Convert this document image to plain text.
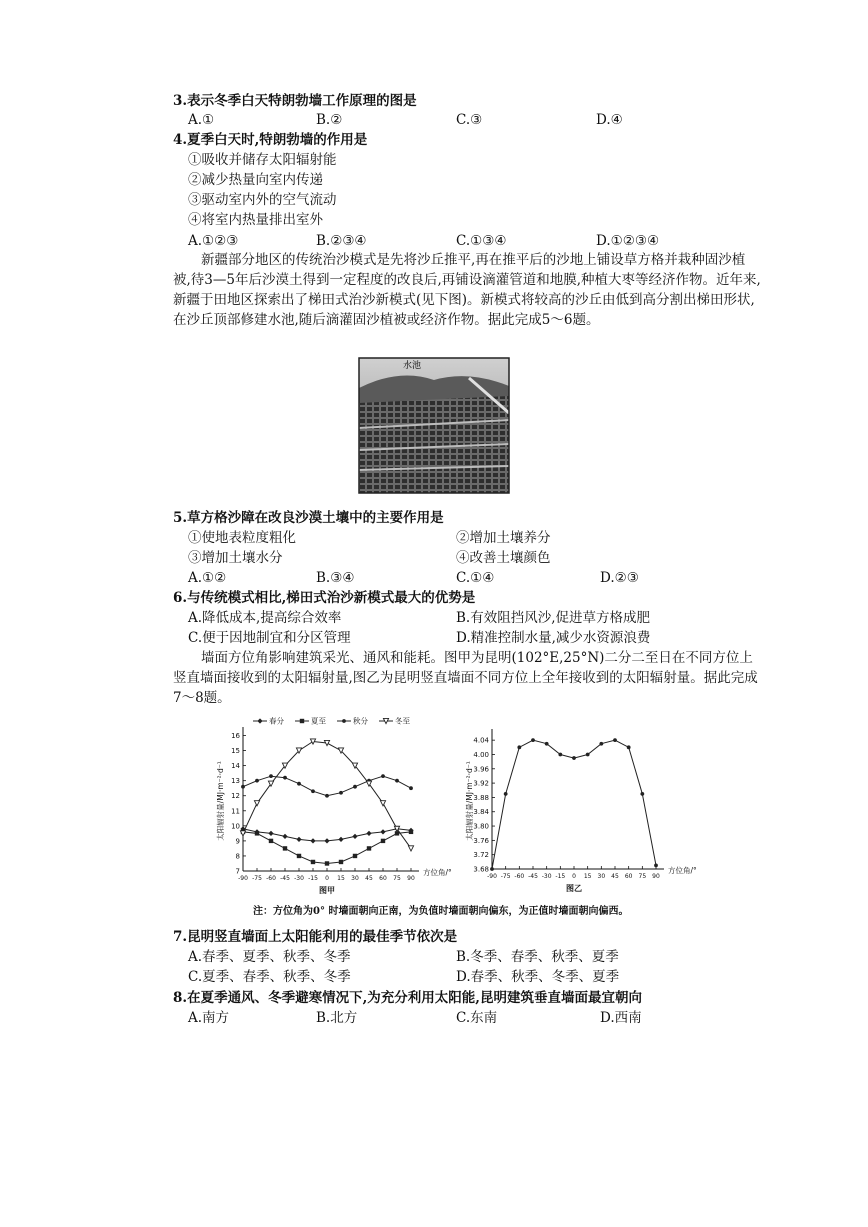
3.表示冬季白天特朗勃墙工作原理的图是
A.①	B.②	C.③	D.④
4.夏季白天时,特朗勃墙的作用是
①吸收并储存太阳辐射能
②减少热量向室内传递
③驱动室内外的空气流动
④将室内热量排出室外
A.①②③	B.②③④	C.①③④	D.①②③④
新疆部分地区的传统治沙模式是先将沙丘推平,再在推平后的沙地上铺设草方格并栽种固沙植被,待3—5年后沙漠土得到一定程度的改良后,再铺设滴灌管道和地膜,种植大枣等经济作物。近年来,新疆于田地区探索出了梯田式治沙新模式(见下图)。新模式将较高的沙丘由低到高分割出梯田形状,在沙丘顶部修建水池,随后滴灌固沙植被或经济作物。据此完成5～6题。
水池
5.草方格沙障在改良沙漠土壤中的主要作用是
①使地表粒度粗化	②增加土壤养分
③增加土壤水分	④改善土壤颜色
A.①②	B.③④	C.①④	D.②③
6.与传统模式相比,梯田式治沙新模式最大的优势是
A.降低成本,提高综合效率	B.有效阻挡风沙,促进草方格成肥
C.便于因地制宜和分区管理	D.精准控制水量,减少水资源浪费
墙面方位角影响建筑采光、通风和能耗。图甲为昆明(102°E,25°N)二分二至日在不同方位上竖直墙面接收到的太阳辐射量,图乙为昆明竖直墙面不同方位上全年接收到的太阳辐射量。据此完成7～8题。
7
8
9
10
11
12
13
14
15
16
-90 -75 -60 -45 -30 -15 0 15 30 45 60 75 90
方位角/°
太阳辐射量/MJ·m⁻²·d⁻¹
图甲
春分	夏至	秋分	冬至
3.68
3.72
3.76
3.80
3.84
3.88
3.92
3.96
4.00
4.04
-90 -75 -60 -45 -30 -15 0 15 30 45 60 75 90
方位角/°
太阳辐射量/MJ·m⁻²·d⁻¹
图乙
注：方位角为0° 时墙面朝向正南，为负值时墙面朝向偏东，为正值时墙面朝向偏西。
7.昆明竖直墙面上太阳能利用的最佳季节依次是
A.春季、夏季、秋季、冬季	B.冬季、春季、秋季、夏季
C.夏季、春季、秋季、冬季	D.春季、秋季、冬季、夏季
8.在夏季通风、冬季避寒情况下,为充分利用太阳能,昆明建筑垂直墙面最宜朝向
A.南方	B.北方	C.东南	D.西南
